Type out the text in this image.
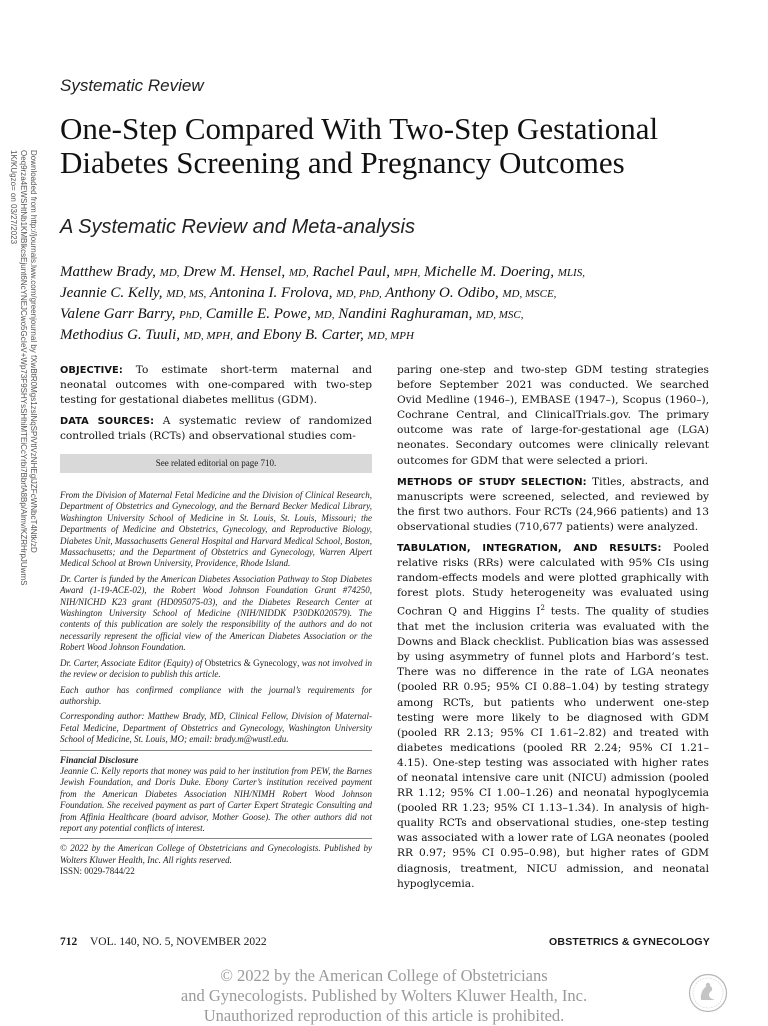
Downloaded from http://journals.lww.com/greenjournal by fXwBtR0Mgs1zslNqSPiVtlVzNHEglJZFcWNbcT4Ntk/zD
Oeq9rza4EWSHtNb1KMBlkcsEjunt6NcYNEJCwo5GcIeV+Wp73F9SHYsSHhiMTEiCcYrbi7BbrfA8Bp/Almv/KZRHrpJUwmS
1K/KUgzo= on 03/27/2023
Systematic Review
One-Step Compared With Two-Step Gestational Diabetes Screening and Pregnancy Outcomes
A Systematic Review and Meta-analysis
Matthew Brady, MD, Drew M. Hensel, MD, Rachel Paul, MPH, Michelle M. Doering, MLIS,
Jeannie C. Kelly, MD, MS, Antonina I. Frolova, MD, PhD, Anthony O. Odibo, MD, MSCE,
Valene Garr Barry, PhD, Camille E. Powe, MD, Nandini Raghuraman, MD, MSC,
Methodius G. Tuuli, MD, MPH, and Ebony B. Carter, MD, MPH

OBJECTIVE: To estimate short-term maternal and neonatal outcomes with one-compared with two-step testing for gestational diabetes mellitus (GDM).

DATA SOURCES: A systematic review of randomized controlled trials (RCTs) and observational studies com-

See related editorial on page 710.

From the Division of Maternal Fetal Medicine and the Division of Clinical Research, Department of Obstetrics and Gynecology, and the Bernard Becker Medical Library, Washington University School of Medicine in St. Louis, St. Louis, Missouri; the Departments of Medicine and Obstetrics, Gynecology, and Reproductive Biology, Diabetes Unit, Massachusetts General Hospital and Harvard Medical School, Boston, Massachusetts; and the Department of Obstetrics and Gynecology, Warren Alpert Medical School at Brown University, Providence, Rhode Island.

Dr. Carter is funded by the American Diabetes Association Pathway to Stop Diabetes Award (1-19-ACE-02), the Robert Wood Johnson Foundation Grant #74250, NIH/NICHD K23 grant (HD095075-03), and the Diabetes Research Center at Washington University School of Medicine (NIH/NIDDK P30DK020579). The contents of this publication are solely the responsibility of the authors and do not necessarily represent the official view of the American Diabetes Association or the Robert Wood Johnson Foundation.

Dr. Carter, Associate Editor (Equity) of Obstetrics & Gynecology, was not involved in the review or decision to publish this article.

Each author has confirmed compliance with the journal’s requirements for authorship.

Corresponding author: Matthew Brady, MD, Clinical Fellow, Division of Maternal-Fetal Medicine, Department of Obstetrics and Gynecology, Washington University School of Medicine, St. Louis, MO; email: brady.m@wustl.edu.

Financial Disclosure

Jeannie C. Kelly reports that money was paid to her institution from PEW, the Barnes Jewish Foundation, and Doris Duke. Ebony Carter’s institution received payment from the American Diabetes Association NIH/NIMH Robert Wood Johnson Foundation. She received payment as part of Carter Expert Strategic Consulting and from Affinia Healthcare (board advisor, Mother Goose). The other authors did not report any potential conflicts of interest.

© 2022 by the American College of Obstetricians and Gynecologists. Published by Wolters Kluwer Health, Inc. All rights reserved.

ISSN: 0029-7844/22

paring one-step and two-step GDM testing strategies before September 2021 was conducted. We searched Ovid Medline (1946–), EMBASE (1947–), Scopus (1960–), Cochrane Central, and ClinicalTrials.gov. The primary outcome was rate of large-for-gestational age (LGA) neonates. Secondary outcomes were clinically relevant outcomes for GDM that were selected a priori.

METHODS OF STUDY SELECTION: Titles, abstracts, and manuscripts were screened, selected, and reviewed by the first two authors. Four RCTs (24,966 patients) and 13 observational studies (710,677 patients) were analyzed.

TABULATION, INTEGRATION, AND RESULTS: Pooled relative risks (RRs) were calculated with 95% CIs using random-effects models and were plotted graphically with forest plots. Study heterogeneity was evaluated using Cochran Q and Higgins $I^2$ tests. The quality of studies that met the inclusion criteria was evaluated with the Downs and Black checklist. Publication bias was assessed by using asymmetry of funnel plots and Harbord’s test. There was no difference in the rate of LGA neonates (pooled RR 0.95; 95% CI 0.88–1.04) by testing strategy among RCTs, but patients who underwent one-step testing were more likely to be diagnosed with GDM (pooled RR 2.13; 95% CI 1.61–2.82) and treated with diabetes medications (pooled RR 2.24; 95% CI 1.21–4.15). One-step testing was associated with higher rates of neonatal intensive care unit (NICU) admission (pooled RR 1.12; 95% CI 1.00–1.26) and neonatal hypoglycemia (pooled RR 1.23; 95% CI 1.13–1.34). In analysis of high-quality RCTs and observational studies, one-step testing was associated with a lower rate of LGA neonates (pooled RR 0.97; 95% CI 0.95–0.98), but higher rates of GDM diagnosis, treatment, NICU admission, and neonatal hypoglycemia.

712 VOL. 140, NO. 5, NOVEMBER 2022	OBSTETRICS & GYNECOLOGY
© 2022 by the American College of Obstetricians
and Gynecologists. Published by Wolters Kluwer Health, Inc.
Unauthorized reproduction of this article is prohibited.
